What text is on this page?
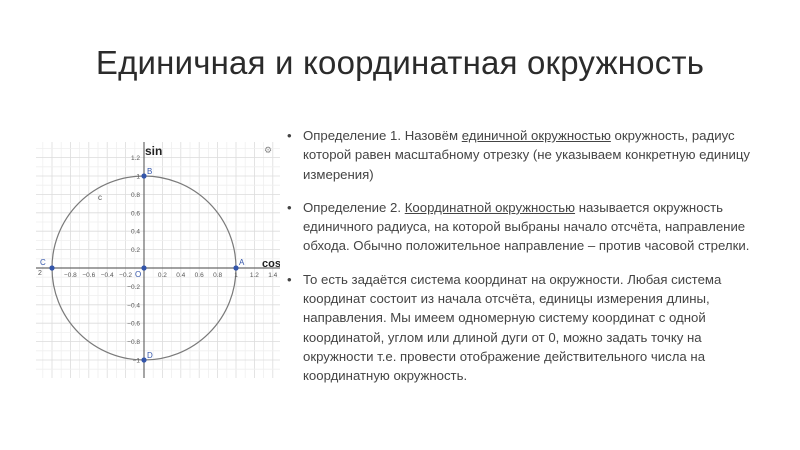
Единичная и координатная окружность
−0.8 −0.6 −0.4 −0.2	0.2 0.4 0.6 0.8 1 1.2 1.4
1.2
1
0.8
0.6
0.4
0.2
−0.2
−0.4
−0.6
−0.8
−1
A
B
C
D
O
sin
cos
c
2
⚙
• Определение 1. Назовём единичной окружностью окружность, радиус которой равен масштабному отрезку (не указываем конкретную единицу измерения)
• Определение 2. Координатной окружностью называется окружность единичного радиуса, на которой выбраны начало отсчёта, направление обхода. Обычно положительное направление – против часовой стрелки.
• То есть задаётся система координат на окружности. Любая система координат состоит из начала отсчёта, единицы измерения длины, направления. Мы имеем одномерную систему координат с одной координатой, углом или длиной дуги от 0, можно задать точку на окружности т.е. провести отображение действительного числа на координатную окружность.
